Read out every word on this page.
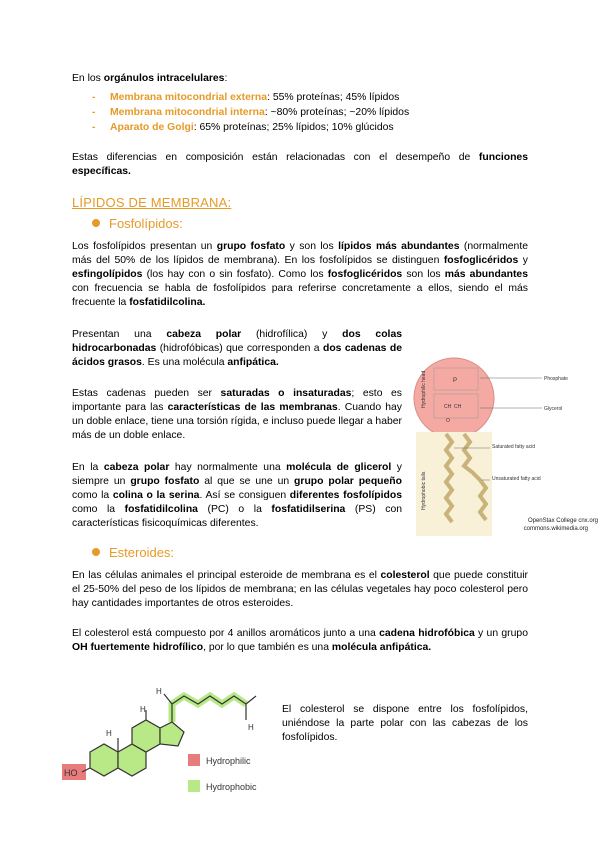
En los orgánulos intracelulares:
- Membrana mitocondrial externa: 55% proteínas; 45% lípidos
- Membrana mitocondrial interna: ~80% proteínas; ~20% lípidos
- Aparato de Golgi: 65% proteínas; 25% lípidos; 10% glúcidos
Estas diferencias en composición están relacionadas con el desempeño de funciones específicas.
LÍPIDOS DE MEMBRANA:
Fosfolípidos:
Los fosfolípidos presentan un grupo fosfato y son los lípidos más abundantes (normalmente más del 50% de los lípidos de membrana). En los fosfolípidos se distinguen fosfoglicéridos y esfingolípidos (los hay con o sin fosfato). Como los fosfoglicéridos son los más abundantes con frecuencia se habla de fosfolípidos para referirse concretamente a ellos, siendo el más frecuente la fosfatidilcolina.
Presentan una cabeza polar (hidrofílica) y dos colas hidrocarbonadas (hidrofóbicas) que corresponden a dos cadenas de ácidos grasos. Es una molécula anfipática.
Estas cadenas pueden ser saturadas o insaturadas; esto es importante para las características de las membranas. Cuando hay un doble enlace, tiene una torsión rígida, e incluso puede llegar a haber más de un doble enlace.
En la cabeza polar hay normalmente una molécula de glicerol y siempre un grupo fosfato al que se une un grupo polar pequeño como la colina o la serina. Así se consiguen diferentes fosfolípidos como la fosfatidilcolina (PC) o la fosfatidilserina (PS) con características fisicoquímicas diferentes.
Hydrophilic head
Hydrophobic tails
P
CH CH
O
Phosphate
Glycerol
Saturated fatty acid
Unsaturated fatty acid
OpenStax College cnx.org
commons.wikimedia.org
Esteroides:
En las células animales el principal esteroide de membrana es el colesterol que puede constituir el 25-50% del peso de los lípidos de membrana; en las células vegetales hay poco colesterol pero hay cantidades importantes de otros esteroides.
El colesterol está compuesto por 4 anillos aromáticos junto a una cadena hidrofóbica y un grupo OH fuertemente hidrofílico, por lo que también es una molécula anfipática.
HO
H
H
H
H
Hydrophilic
Hydrophobic
El colesterol se dispone entre los fosfolípidos, uniéndose la parte polar con las cabezas de los fosfolípidos.
